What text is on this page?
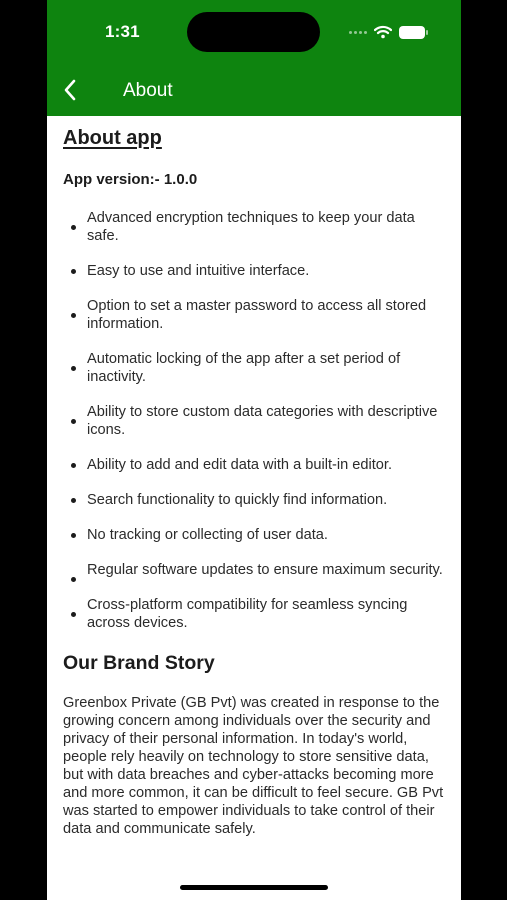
1:31
About
About app
App version:- 1.0.0
Advanced encryption techniques to keep your data safe.
Easy to use and intuitive interface.
Option to set a master password to access all stored information.
Automatic locking of the app after a set period of inactivity.
Ability to store custom data categories with descriptive icons.
Ability to add and edit data with a built-in editor.
Search functionality to quickly find information.
No tracking or collecting of user data.
Regular software updates to ensure maximum security.
Cross-platform compatibility for seamless syncing across devices.
Our Brand Story
Greenbox Private (GB Pvt) was created in response to the growing concern among individuals over the security and privacy of their personal information. In today's world, people rely heavily on technology to store sensitive data, but with data breaches and cyber-attacks becoming more and more common, it can be difficult to feel secure. GB Pvt was started to empower individuals to take control of their data and communicate safely.
